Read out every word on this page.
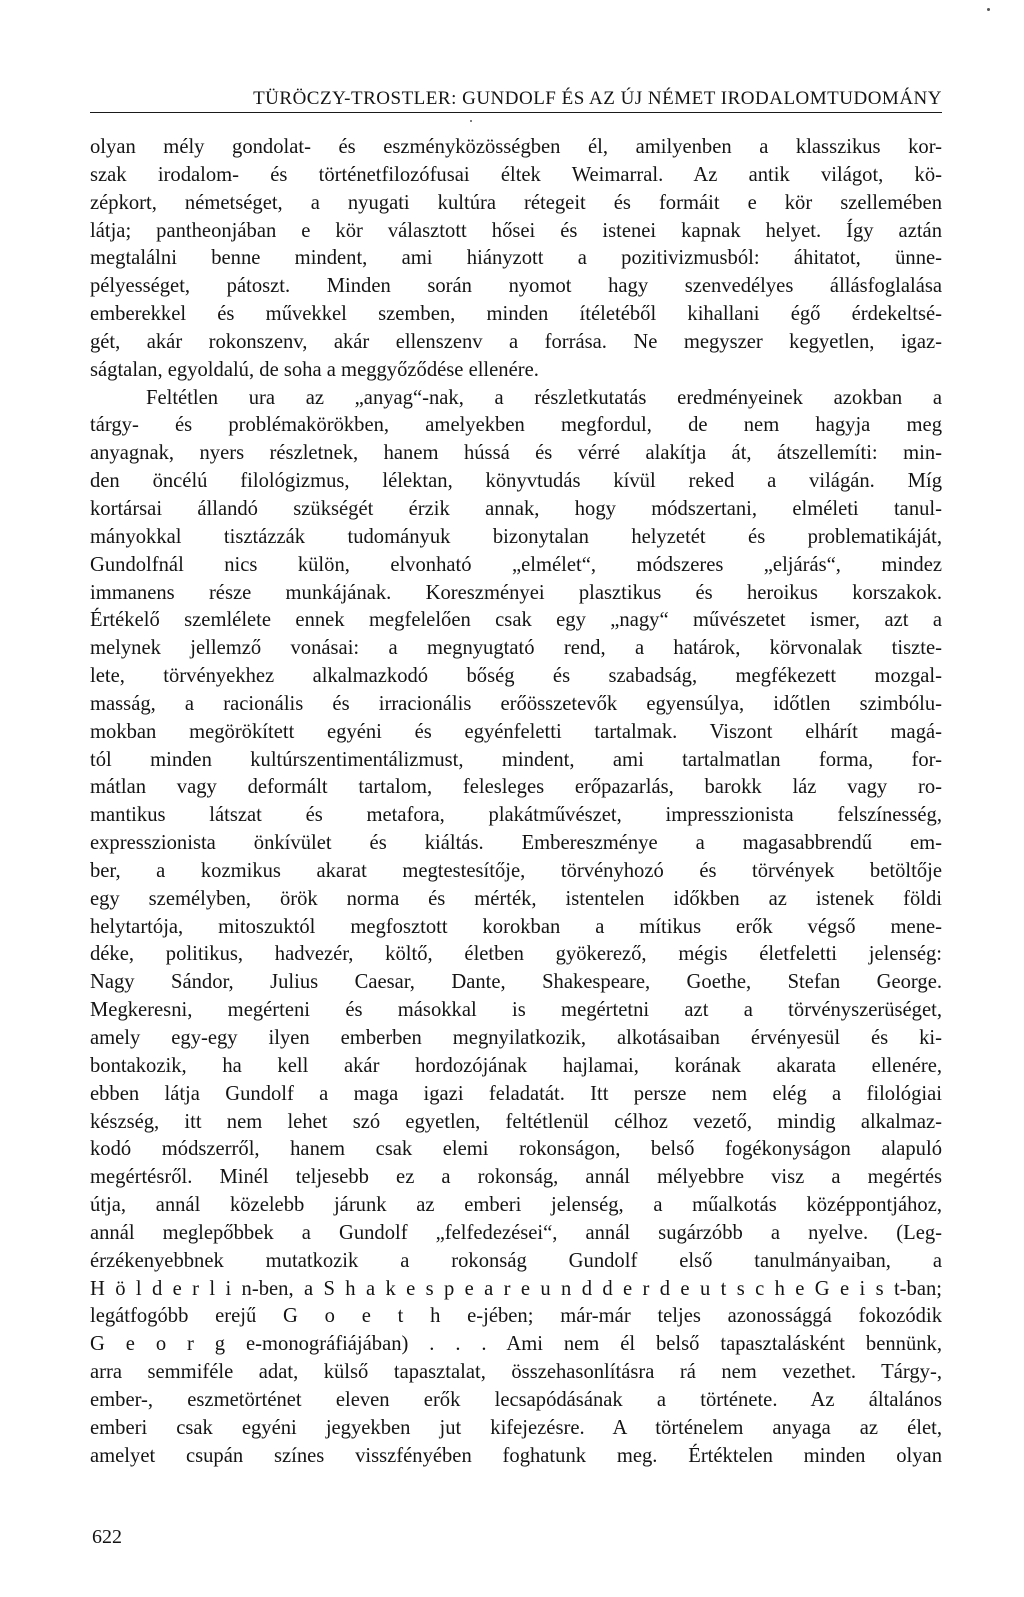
TÜRÖCZY-TROSTLER: GUNDOLF ÉS AZ ÚJ NÉMET IRODALOMTUDOMÁNY
olyan mély gondolat- és eszményközösségben él, amilyenben a klasszikus kor-
szak irodalom- és történetfilozófusai éltek Weimarral. Az antik világot, kö-
zépkort, németséget, a nyugati kultúra rétegeit és formáit e kör szellemében
látja; pantheonjában e kör választott hősei és istenei kapnak helyet. Így aztán
megtalálni benne mindent, ami hiányzott a pozitivizmusból: áhitatot, ünne-
pélyességet, pátoszt. Minden során nyomot hagy szenvedélyes állásfoglalása
emberekkel és művekkel szemben, minden ítéletéből kihallani égő érdekeltsé-
gét, akár rokonszenv, akár ellenszenv a forrása. Ne megyszer kegyetlen, igaz-
ságtalan, egyoldalú, de soha a meggyőződése ellenére.
Feltétlen ura az „anyag“-nak, a részletkutatás eredményeinek azokban a
tárgy- és problémakörökben, amelyekben megfordul, de nem hagyja meg
anyagnak, nyers részletnek, hanem hússá és vérré alakítja át, átszellemíti: min-
den öncélú filológizmus, lélektan, könyvtudás kívül reked a világán. Míg
kortársai állandó szükségét érzik annak, hogy módszertani, elméleti tanul-
mányokkal tisztázzák tudományuk bizonytalan helyzetét és problematikáját,
Gundolfnál nics külön, elvonható „elmélet“, módszeres „eljárás“, mindez
immanens része munkájának. Koreszményei plasztikus és heroikus korszakok.
Értékelő szemlélete ennek megfelelően csak egy „nagy“ művészetet ismer, azt a
melynek jellemző vonásai: a megnyugtató rend, a határok, körvonalak tiszte-
lete, törvényekhez alkalmazkodó bőség és szabadság, megfékezett mozgal-
masság, a racionális és irracionális erőösszetevők egyensúlya, időtlen szimbólu-
mokban megörökített egyéni és egyénfeletti tartalmak. Viszont elhárít magá-
tól minden kultúrszentimentálizmust, mindent, ami tartalmatlan forma, for-
mátlan vagy deformált tartalom, felesleges erőpazarlás, barokk láz vagy ro-
mantikus látszat és metafora, plakátművészet, impresszionista felszínesség,
expresszionista önkívület és kiáltás. Embereszménye a magasabbrendű em-
ber, a kozmikus akarat megtestesítője, törvényhozó és törvények betöltője
egy személyben, örök norma és mérték, istentelen időkben az istenek földi
helytartója, mitoszuktól megfosztott korokban a mítikus erők végső mene-
déke, politikus, hadvezér, költő, életben gyökerező, mégis életfeletti jelenség:
Nagy Sándor, Julius Caesar, Dante, Shakespeare, Goethe, Stefan George.
Megkeresni, megérteni és másokkal is megértetni azt a törvényszerüséget,
amely egy-egy ilyen emberben megnyilatkozik, alkotásaiban érvényesül és ki-
bontakozik, ha kell akár hordozójának hajlamai, korának akarata ellenére,
ebben látja Gundolf a maga igazi feladatát. Itt persze nem elég a filológiai
készség, itt nem lehet szó egyetlen, feltétlenül célhoz vezető, mindig alkalmaz-
kodó módszerről, hanem csak elemi rokonságon, belső fogékonyságon alapuló
megértésről. Minél teljesebb ez a rokonság, annál mélyebbre visz a megértés
útja, annál közelebb járunk az emberi jelenség, a műalkotás középpontjához,
annál meglepőbbek a Gundolf „felfedezései“, annál sugárzóbb a nyelve. (Leg-
érzékenyebbnek mutatkozik a rokonság Gundolf első tanulmányaiban, a
H ö l d e r l i n-ben, a S h a k e s p e a r e u n d d e r d e u t s c h e G e i s t-ban;
legátfogóbb erejű G o e t h e-jében; már-már teljes azonossággá fokozódik
G e o r g e-monográfiájában) . . . Ami nem él belső tapasztalásként bennünk,
arra semmiféle adat, külső tapasztalat, összehasonlításra rá nem vezethet. Tárgy-,
ember-, eszmetörténet eleven erők lecsapódásának a története. Az általános
emberi csak egyéni jegyekben jut kifejezésre. A történelem anyaga az élet,
amelyet csupán színes visszfényében foghatunk meg. Értéktelen minden olyan
622
